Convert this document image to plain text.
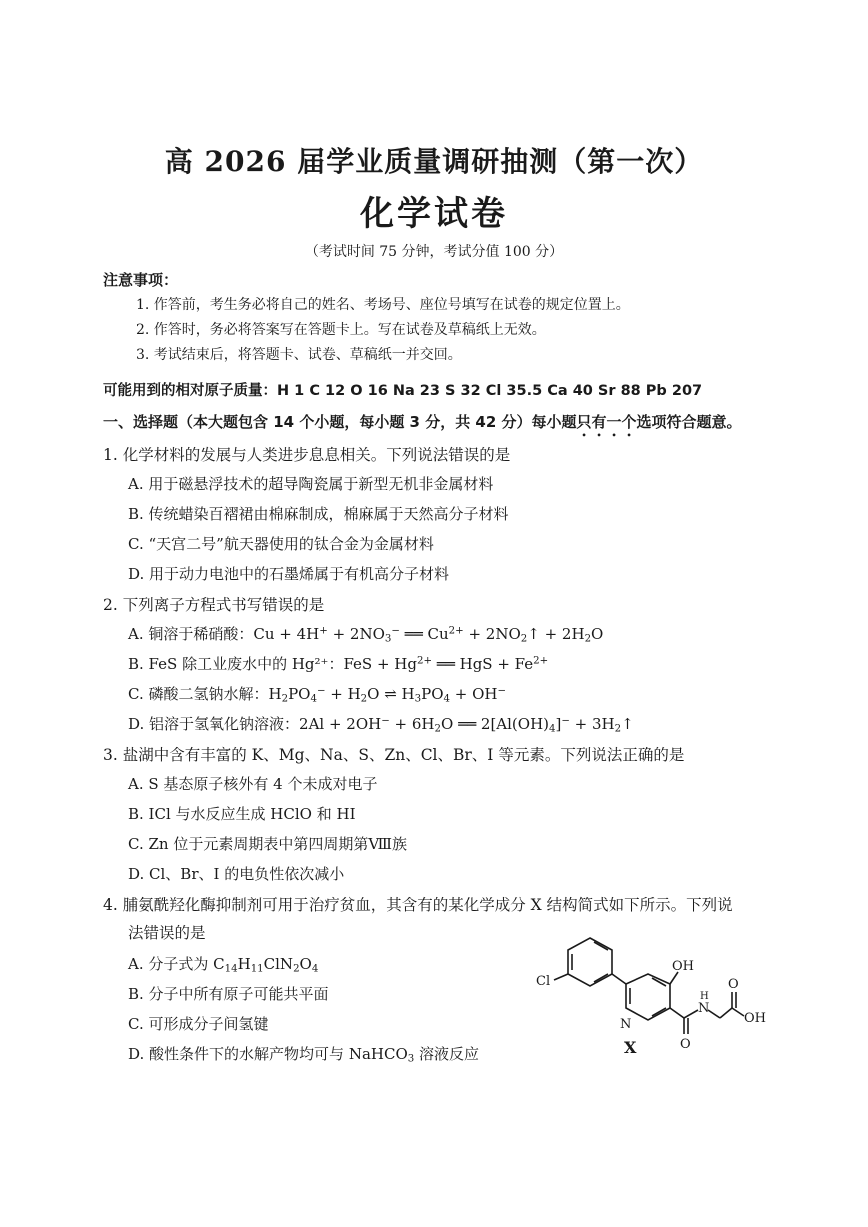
高 2026 届学业质量调研抽测（第一次）
化学试卷
（考试时间 75 分钟，考试分值 100 分）
注意事项：
1. 作答前，考生务必将自己的姓名、考场号、座位号填写在试卷的规定位置上。
2. 作答时，务必将答案写在答题卡上。写在试卷及草稿纸上无效。
3. 考试结束后，将答题卡、试卷、草稿纸一并交回。
可能用到的相对原子质量：H 1 C 12 O 16 Na 23 S 32 Cl 35.5 Ca 40 Sr 88 Pb 207
一、选择题（本大题包含 14 个小题，每小题 3 分，共 42 分）每小题只有一个选项符合题意。
1. 化学材料的发展与人类进步息息相关。下列说法错误的是
A. 用于磁悬浮技术的超导陶瓷属于新型无机非金属材料
B. 传统蜡染百褶裙由棉麻制成，棉麻属于天然高分子材料
C. “天宫二号”航天器使用的钛合金为金属材料
D. 用于动力电池中的石墨烯属于有机高分子材料
2. 下列离子方程式书写错误的是
A. 铜溶于稀硝酸：$Cu + 4H^+ + 2NO_3^-$ ══ $Cu^{2+}$ + $2NO_2↑ + 2H_2O$
B. FeS 除工业废水中的 Hg²⁺：FeS + $Hg^{2+}$ ══ HgS + $Fe^{2+}$
C. 磷酸二氢钠水解：$H_2PO_4^- + H_2O$ ⇌ $H_3PO_4 + OH^-$
D. 铝溶于氢氧化钠溶液：$2Al + 2OH^- + 6H_2O$ ══ $2[Al(OH)_4]^-$ + $3H_2↑$
3. 盐湖中含有丰富的 K、Mg、Na、S、Zn、Cl、Br、I 等元素。下列说法正确的是
A. S 基态原子核外有 4 个未成对电子
B. ICl 与水反应生成 HClO 和 HI
C. Zn 位于元素周期表中第四周期第Ⅷ族
D. Cl、Br、I 的电负性依次减小
4. 脯氨酰羟化酶抑制剂可用于治疗贫血，其含有的某化学成分 X 结构简式如下所示。下列说
法错误的是
A. 分子式为 $C_{14}H_{11}ClN_2O_4$
B. 分子中所有原子可能共平面
C. 可形成分子间氢键
D. 酸性条件下的水解产物均可与 NaHCO$_3$ 溶液反应
Cl
OH
N
N
H
O
O
OH
X
